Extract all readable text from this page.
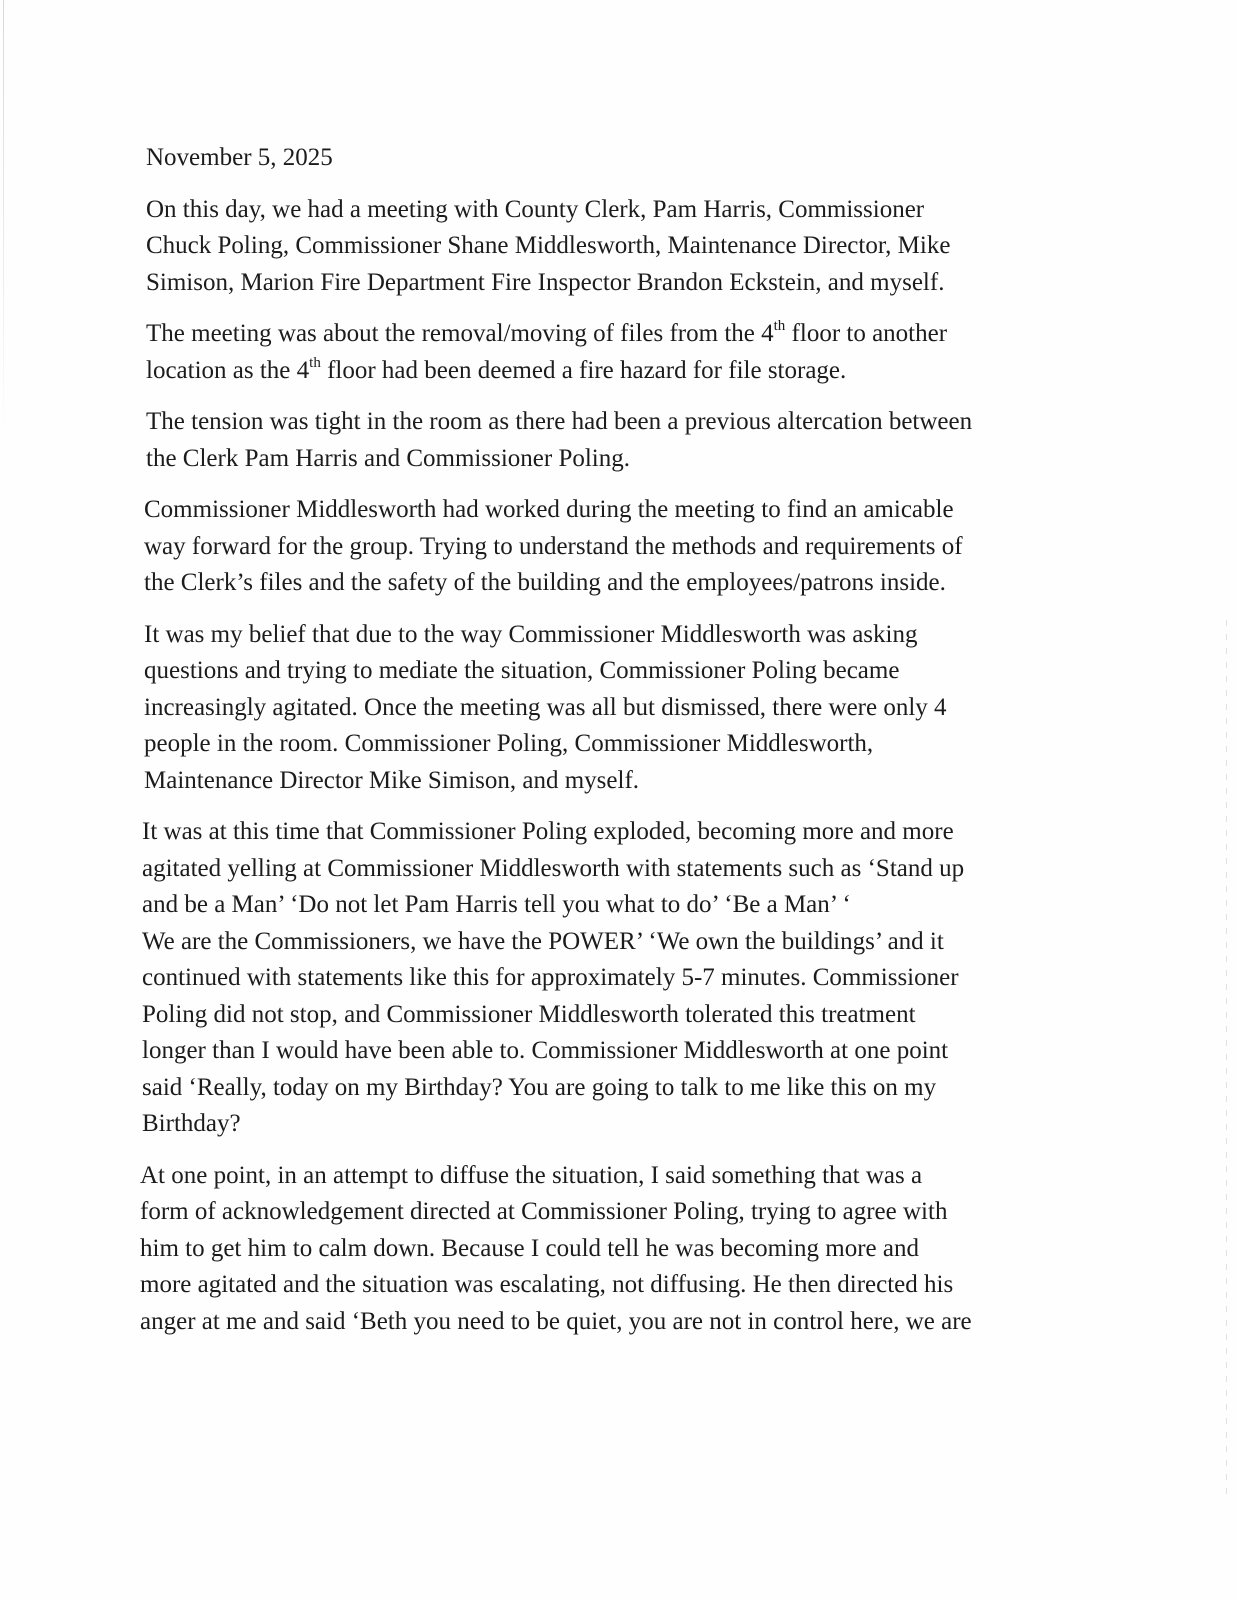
November 5, 2025
On this day, we had a meeting with County Clerk, Pam Harris, Commissioner
Chuck Poling, Commissioner Shane Middlesworth, Maintenance Director, Mike
Simison, Marion Fire Department Fire Inspector Brandon Eckstein, and myself.
The meeting was about the removal/moving of files from the 4th floor to another
location as the 4th floor had been deemed a fire hazard for file storage.
The tension was tight in the room as there had been a previous altercation between
the Clerk Pam Harris and Commissioner Poling.
Commissioner Middlesworth had worked during the meeting to find an amicable
way forward for the group. Trying to understand the methods and requirements of
the Clerk’s files and the safety of the building and the employees/patrons inside.
It was my belief that due to the way Commissioner Middlesworth was asking
questions and trying to mediate the situation, Commissioner Poling became
increasingly agitated. Once the meeting was all but dismissed, there were only 4
people in the room. Commissioner Poling, Commissioner Middlesworth,
Maintenance Director Mike Simison, and myself.
It was at this time that Commissioner Poling exploded, becoming more and more
agitated yelling at Commissioner Middlesworth with statements such as ‘Stand up
and be a Man’ ‘Do not let Pam Harris tell you what to do’ ‘Be a Man’ ‘
We are the Commissioners, we have the POWER’ ‘We own the buildings’ and it
continued with statements like this for approximately 5-7 minutes. Commissioner
Poling did not stop, and Commissioner Middlesworth tolerated this treatment
longer than I would have been able to. Commissioner Middlesworth at one point
said ‘Really, today on my Birthday? You are going to talk to me like this on my
Birthday?
At one point, in an attempt to diffuse the situation, I said something that was a
form of acknowledgement directed at Commissioner Poling, trying to agree with
him to get him to calm down. Because I could tell he was becoming more and
more agitated and the situation was escalating, not diffusing. He then directed his
anger at me and said ‘Beth you need to be quiet, you are not in control here, we are
